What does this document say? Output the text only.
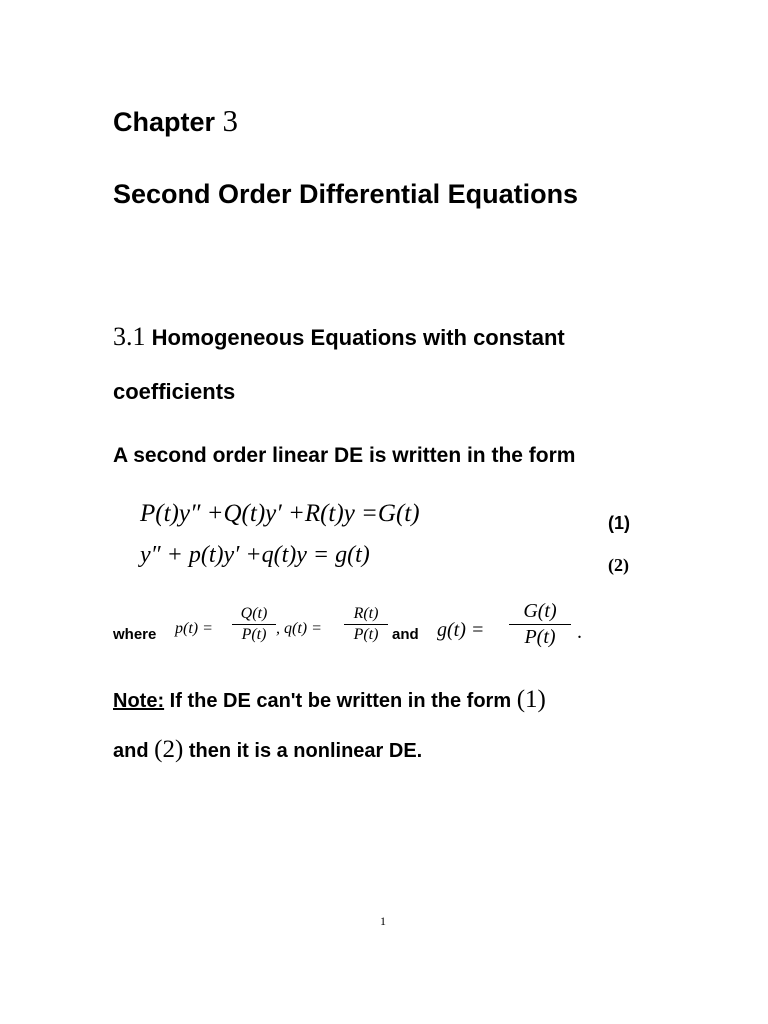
Chapter 3
Second Order Differential Equations
3.1 Homogeneous Equations with constant
coefficients
A second order linear DE is written in the form
P(t)y″ +Q(t)y′ +R(t)y =G(t)	(1)
y″ + p(t)y′ +q(t)y = g(t)	(2)
where p(t) =
Q(t)
P(t) , q(t) =
R(t)
P(t) and g(t) =
G(t)
P(t)	.
Note: If the DE can't be written in the form (1)
and (2) then it is a nonlinear DE.
1
